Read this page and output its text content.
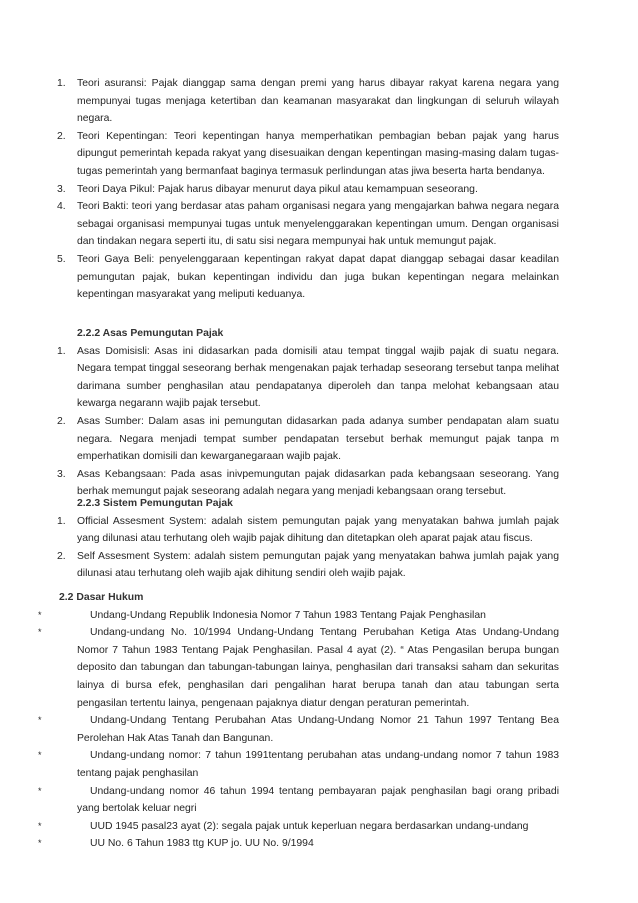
1. Teori asuransi: Pajak dianggap sama dengan premi yang harus dibayar rakyat karena negara yang mempunyai tugas menjaga ketertiban dan keamanan masyarakat dan lingkungan di seluruh wilayah negara.
2. Teori Kepentingan: Teori kepentingan hanya memperhatikan pembagian beban pajak yang harus dipungut pemerintah kepada rakyat yang disesuaikan dengan kepentingan masing-masing dalam tugas-tugas pemerintah yang bermanfaat baginya termasuk perlindungan atas jiwa beserta harta bendanya.
3. Teori Daya Pikul: Pajak harus dibayar menurut daya pikul atau kemampuan seseorang.
4. Teori Bakti: teori yang berdasar atas paham organisasi negara yang mengajarkan bahwa negara negara sebagai organisasi mempunyai tugas untuk menyelenggarakan kepentingan umum. Dengan organisasi dan tindakan negara seperti itu, di satu sisi negara mempunyai hak untuk memungut pajak.
5. Teori Gaya Beli: penyelenggaraan kepentingan rakyat dapat dapat dianggap sebagai dasar keadilan pemungutan pajak, bukan kepentingan individu dan juga bukan kepentingan negara melainkan kepentingan masyarakat yang meliputi keduanya.
2.2.2 Asas Pemungutan Pajak
1. Asas Domisisli: Asas ini didasarkan pada domisili atau tempat tinggal wajib pajak di suatu negara. Negara tempat tinggal seseorang berhak mengenakan pajak terhadap seseorang tersebut tanpa melihat darimana sumber penghasilan atau pendapatanya diperoleh dan tanpa melohat kebangsaan atau kewarga negarann wajib pajak tersebut.
2. Asas Sumber: Dalam asas ini pemungutan didasarkan pada adanya sumber pendapatan alam suatu negara. Negara menjadi tempat sumber pendapatan tersebut berhak memungut pajak tanpa m emperhatikan domisili dan kewarganegaraan wajib pajak.
3. Asas Kebangsaan: Pada asas inivpemungutan pajak didasarkan pada kebangsaan seseorang. Yang berhak memungut pajak seseorang adalah negara yang menjadi kebangsaan orang tersebut.
2.2.3 Sistem Pemungutan Pajak
1. Official Assesment System: adalah sistem pemungutan pajak yang menyatakan bahwa jumlah pajak yang dilunasi atau terhutang oleh wajib pajak dihitung dan ditetapkan oleh aparat pajak atau fiscus.
2. Self Assesment System: adalah sistem pemungutan pajak yang menyatakan bahwa jumlah pajak yang dilunasi atau terhutang oleh wajib ajak dihitung sendiri oleh wajib pajak.
2.2 Dasar Hukum
*	Undang-Undang Republik Indonesia Nomor 7 Tahun 1983 Tentang Pajak Penghasilan
*	Undang-undang No. 10/1994 Undang-Undang Tentang Perubahan Ketiga Atas Undang-Undang Nomor 7 Tahun 1983 Tentang Pajak Penghasilan. Pasal 4 ayat (2). “ Atas Pengasilan berupa bungan deposito dan tabungan dan tabungan-tabungan lainya, penghasilan dari transaksi saham dan sekuritas lainya di bursa efek, penghasilan dari pengalihan harat berupa tanah dan atau tabungan serta pengasilan tertentu lainya, pengenaan pajaknya diatur dengan peraturan pemerintah.
*	Undang-Undang Tentang Perubahan Atas Undang-Undang Nomor 21 Tahun 1997 Tentang Bea Perolehan Hak Atas Tanah dan Bangunan.
*	Undang-undang nomor: 7 tahun 1991tentang perubahan atas undang-undang nomor 7 tahun 1983 tentang pajak penghasilan
*	Undang-undang nomor 46 tahun 1994 tentang pembayaran pajak penghasilan bagi orang pribadi yang bertolak keluar negri
*	UUD 1945 pasal23 ayat (2): segala pajak untuk keperluan negara berdasarkan undang-undang
*	UU No. 6 Tahun 1983 ttg KUP jo. UU No. 9/1994
